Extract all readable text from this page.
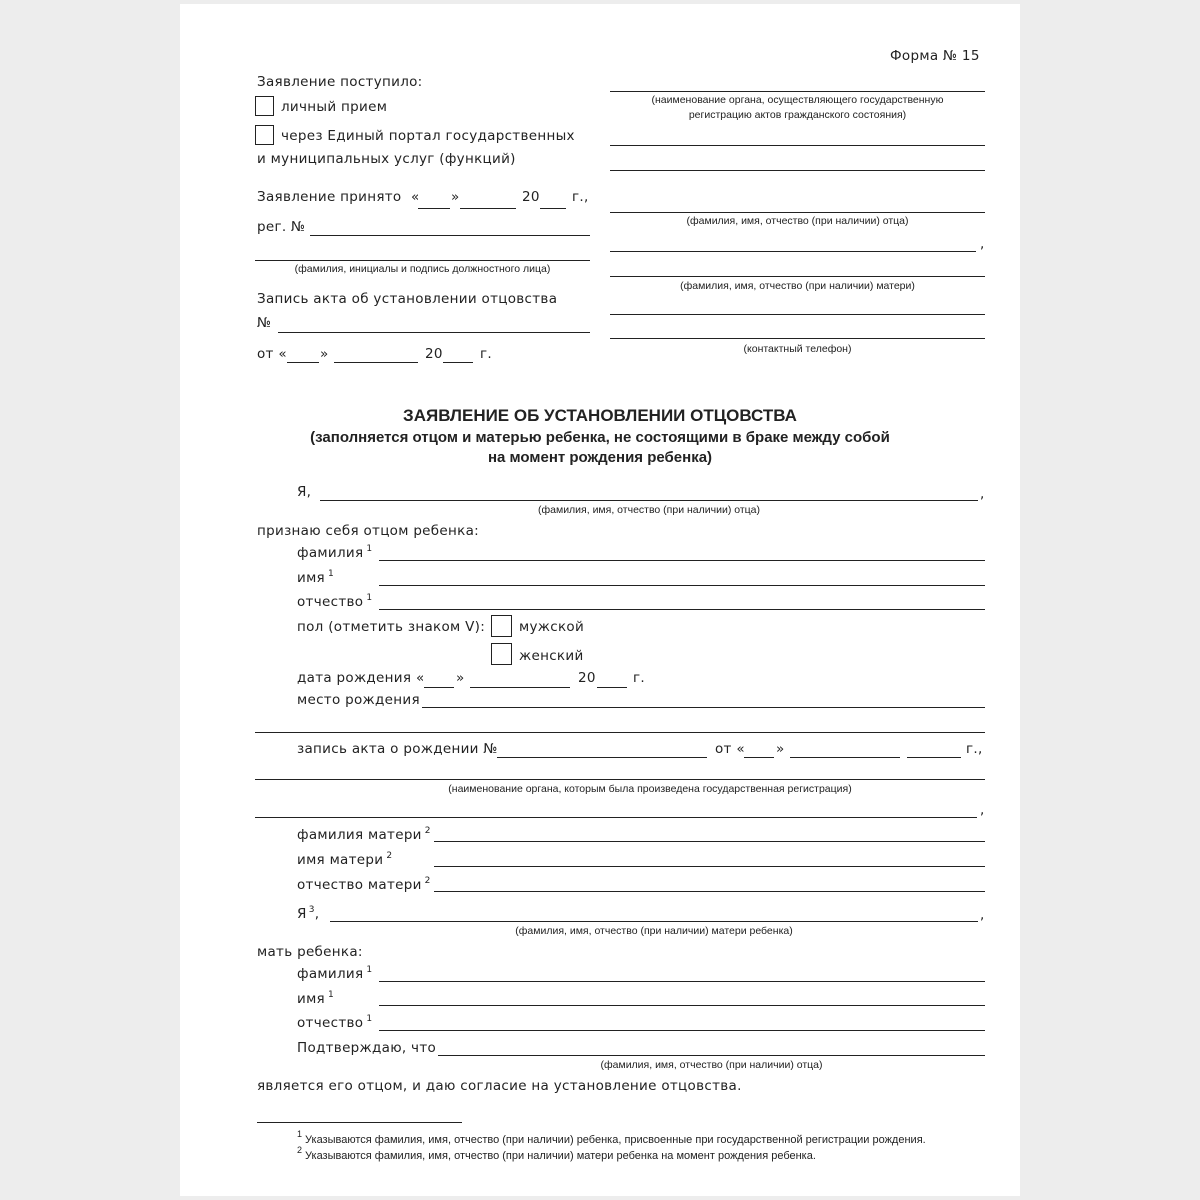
Форма № 15
Заявление поступило:
личный прием
через Единый портал государственных
и муниципальных услуг (функций)
Заявление принято « »	20 г.,
рег. №
(фамилия, инициалы и подпись должностного лица)
Запись акта об установлении отцовства
№
от « »	20	г.
(наименование органа, осуществляющего государственную
регистрацию актов гражданского состояния)
(фамилия, имя, отчество (при наличии) отца)
,
(фамилия, имя, отчество (при наличии) матери)
(контактный телефон)
ЗАЯВЛЕНИЕ ОБ УСТАНОВЛЕНИИ ОТЦОВСТВА
(заполняется отцом и матерью ребенка, не состоящими в браке между собой
на момент рождения ребенка)
Я,	,
(фамилия, имя, отчество (при наличии) отца)
признаю себя отцом ребенка:
фамилия $^1$
имя $^1$
отчество $^1$
пол (отметить знаком V):	мужской
женский
дата рождения « »	20	г.
место рождения
запись акта о рождении №	от « »	г.,
(наименование органа, которым была произведена государственная регистрация)
,
фамилия матери $^2$
имя матери $^2$
отчество матери $^2$
Я $^3$,	,
(фамилия, имя, отчество (при наличии) матери ребенка)
мать ребенка:
фамилия $^1$
имя $^1$
отчество $^1$
Подтверждаю, что
(фамилия, имя, отчество (при наличии) отца)
является его отцом, и даю согласие на установление отцовства.
$^1$ Указываются фамилия, имя, отчество (при наличии) ребенка, присвоенные при государственной регистрации рождения.
$^2$ Указываются фамилия, имя, отчество (при наличии) матери ребенка на момент рождения ребенка.
